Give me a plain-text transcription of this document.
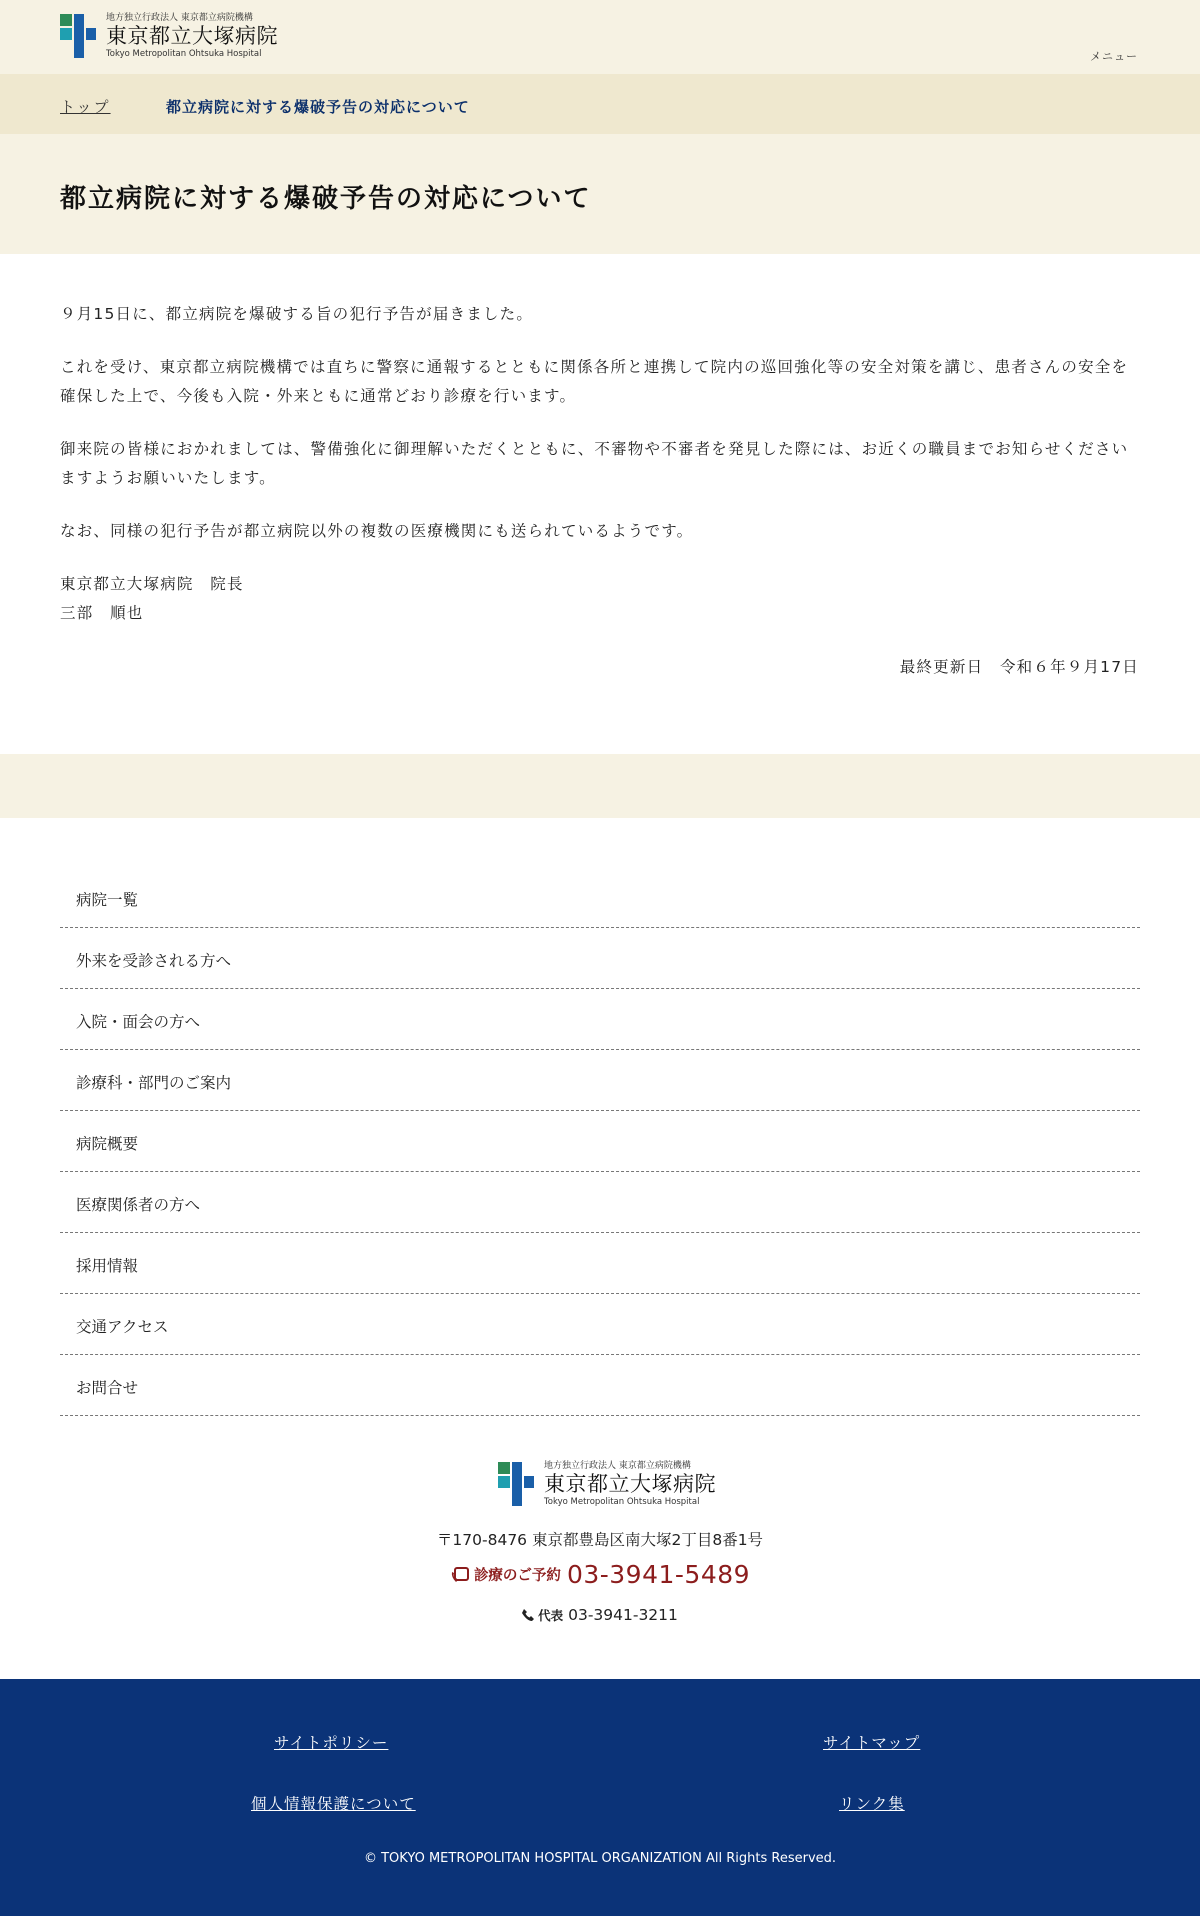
地方独立行政法人 東京都立病院機構
東京都立大塚病院
Tokyo Metropolitan Ohtsuka Hospital	メニュー
トップ	都立病院に対する爆破予告の対応について
都立病院に対する爆破予告の対応について

９月15日に、都立病院を爆破する旨の犯行予告が届きました。

これを受け、東京都立病院機構では直ちに警察に通報するとともに関係各所と連携して院内の巡回強化等の安全対策を講じ、患者さんの安全を確保した上で、今後も入院・外来ともに通常どおり診療を行います。

御来院の皆様におかれましては、警備強化に御理解いただくとともに、不審物や不審者を発見した際には、お近くの職員までお知らせくださいますようお願いいたします。

なお、同様の犯行予告が都立病院以外の複数の医療機関にも送られているようです。

東京都立大塚病院　院長

三部　順也

最終更新日　令和６年９月17日
病院一覧
外来を受診される方へ
入院・面会の方へ
診療科・部門のご案内
病院概要
医療関係者の方へ
採用情報
交通アクセス
お問合せ
地方独立行政法人 東京都立病院機構
東京都立大塚病院
Tokyo Metropolitan Ohtsuka Hospital
〒170-8476 東京都豊島区南大塚2丁目8番1号
診療のご予約 03-3941-5489
代表 03-3941-3211
サイトポリシー	サイトマップ
個人情報保護について	リンク集
© TOKYO METROPOLITAN HOSPITAL ORGANIZATION All Rights Reserved.
